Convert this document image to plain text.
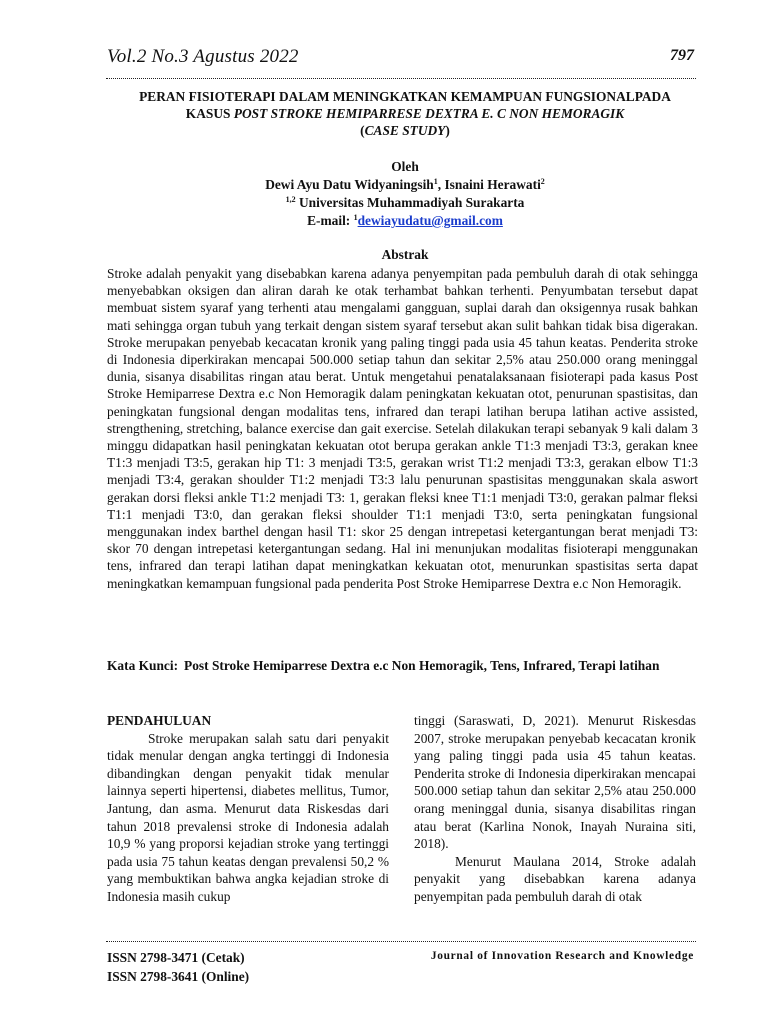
Vol.2 No.3 Agustus 2022	797
PERAN FISIOTERAPI DALAM MENINGKATKAN KEMAMPUAN FUNGSIONALPADA
KASUS POST STROKE HEMIPARRESE DEXTRA E. C NON HEMORAGIK
(CASE STUDY)
Oleh
Dewi Ayu Datu Widyaningsih$^1$, Isnaini Herawati$^2$
$^{1,2}$ Universitas Muhammadiyah Surakarta
E-mail: $^1$dewiayudatu@gmail.com
Abstrak

Stroke adalah penyakit yang disebabkan karena adanya penyempitan pada pembuluh darah di otak sehingga menyebabkan oksigen dan aliran darah ke otak terhambat bahkan terhenti. Penyumbatan tersebut dapat membuat sistem syaraf yang terhenti atau mengalami gangguan, suplai darah dan oksigennya rusak bahkan mati sehingga organ tubuh yang terkait dengan sistem syaraf tersebut akan sulit bahkan tidak bisa digerakan. Stroke merupakan penyebab kecacatan kronik yang paling tinggi pada usia 45 tahun keatas. Penderita stroke di Indonesia diperkirakan mencapai 500.000 setiap tahun dan sekitar 2,5% atau 250.000 orang meninggal dunia, sisanya disabilitas ringan atau berat. Untuk mengetahui penatalaksanaan fisioterapi pada kasus Post Stroke Hemiparrese Dextra e.c Non Hemoragik dalam peningkatan kekuatan otot, penurunan spastisitas, dan peningkatan fungsional dengan modalitas tens, infrared dan terapi latihan berupa latihan active assisted, strengthening, stretching, balance exercise dan gait exercise. Setelah dilakukan terapi sebanyak 9 kali dalam 3 minggu didapatkan hasil peningkatan kekuatan otot berupa gerakan ankle T1:3 menjadi T3:3, gerakan knee T1:3 menjadi T3:5, gerakan hip T1: 3 menjadi T3:5, gerakan wrist T1:2 menjadi T3:3, gerakan elbow T1:3 menjadi T3:4, gerakan shoulder T1:2 menjadi T3:3 lalu penurunan spastisitas menggunakan skala aswort gerakan dorsi fleksi ankle T1:2 menjadi T3: 1, gerakan fleksi knee T1:1 menjadi T3:0, gerakan palmar fleksi T1:1 menjadi T3:0, dan gerakan fleksi shoulder T1:1 menjadi T3:0, serta peningkatan fungsional menggunakan index barthel dengan hasil T1: skor 25 dengan intrepetasi ketergantungan berat menjadi T3: skor 70 dengan intrepetasi ketergantungan sedang. Hal ini menunjukan modalitas fisioterapi menggunakan tens, infrared dan terapi latihan dapat meningkatkan kekuatan otot, menurunkan spastisitas serta dapat meningkatkan kemampuan fungsional pada penderita Post Stroke Hemiparrese Dextra e.c Non Hemoragik.

Kata Kunci: Post Stroke Hemiparrese Dextra e.c Non Hemoragik, Tens, Infrared, Terapi latihan

PENDAHULUAN

Stroke merupakan salah satu dari penyakit tidak menular dengan angka tertinggi di Indonesia dibandingkan dengan penyakit tidak menular lainnya seperti hipertensi, diabetes mellitus, Tumor, Jantung, dan asma. Menurut data Riskesdas dari tahun 2018 prevalensi stroke di Indonesia adalah 10,9 % yang proporsi kejadian stroke yang tertinggi pada usia 75 tahun keatas dengan prevalensi 50,2 % yang membuktikan bahwa angka kejadian stroke di Indonesia masih cukup

tinggi (Saraswati, D, 2021). Menurut Riskesdas 2007, stroke merupakan penyebab kecacatan kronik yang paling tinggi pada usia 45 tahun keatas. Penderita stroke di Indonesia diperkirakan mencapai 500.000 setiap tahun dan sekitar 2,5% atau 250.000 orang meninggal dunia, sisanya disabilitas ringan atau berat (Karlina Nonok, Inayah Nuraina siti, 2018).

Menurut Maulana 2014, Stroke adalah penyakit yang disebabkan karena adanya penyempitan pada pembuluh darah di otak

ISSN 2798-3471 (Cetak)
ISSN 2798-3641 (Online)
Journal of Innovation Research and Knowledge
